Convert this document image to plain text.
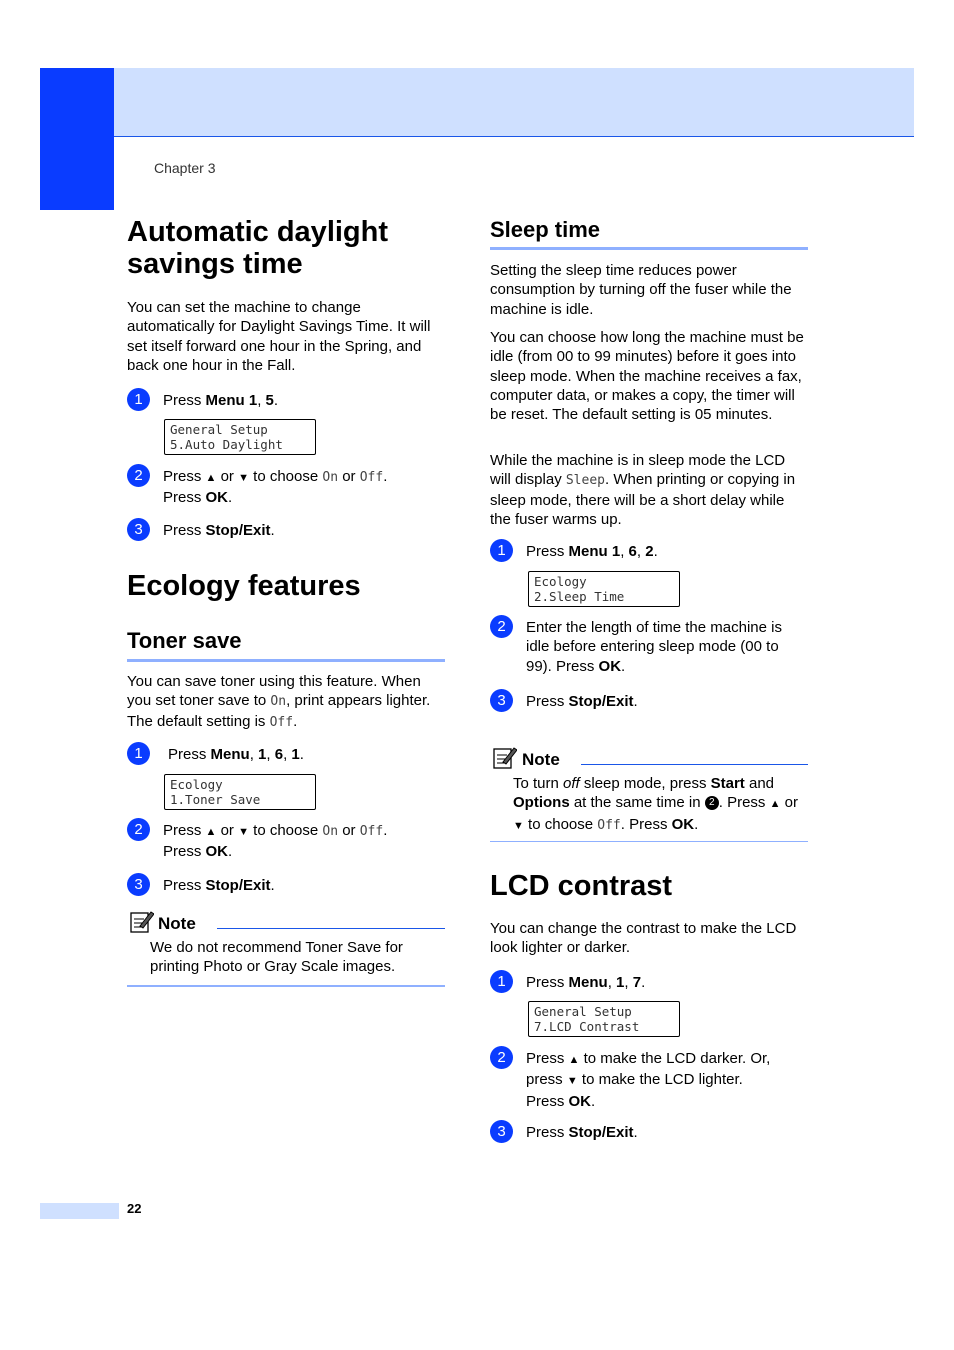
Chapter 3
Automatic daylight
savings time
You can set the machine to change automatically for Daylight Savings Time. It will set itself forward one hour in the Spring, and back one hour in the Fall.
1	Press Menu 1, 5.
General Setup
5.Auto Daylight
2	Press ▲ or ▼ to choose On or Off.
Press OK.
3	Press Stop/Exit.
Ecology features
Toner save
You can save toner using this feature. When you set toner save to On, print appears lighter. The default setting is Off.
1	Press Menu, 1, 6, 1.
Ecology
1.Toner Save
2	Press ▲ or ▼ to choose On or Off.
Press OK.
3	Press Stop/Exit.
Note
We do not recommend Toner Save for printing Photo or Gray Scale images.
Sleep time
Setting the sleep time reduces power consumption by turning off the fuser while the machine is idle.
You can choose how long the machine must be idle (from 00 to 99 minutes) before it goes into sleep mode. When the machine receives a fax, computer data, or makes a copy, the timer will be reset. The default setting is 05 minutes.
While the machine is in sleep mode the LCD will display Sleep. When printing or copying in sleep mode, there will be a short delay while the fuser warms up.
1	Press Menu 1, 6, 2.
Ecology
2.Sleep Time
2	Enter the length of time the machine is idle before entering sleep mode (00 to 99). Press OK.
3	Press Stop/Exit.
Note
To turn off sleep mode, press Start and Options at the same time in 2 . Press ▲ or
▼ to choose Off. Press OK.
LCD contrast
You can change the contrast to make the LCD look lighter or darker.
1	Press Menu, 1, 7.
General Setup
7.LCD Contrast
2	Press ▲ to make the LCD darker. Or,
press ▼ to make the LCD lighter.
Press OK.
3	Press Stop/Exit.
22
